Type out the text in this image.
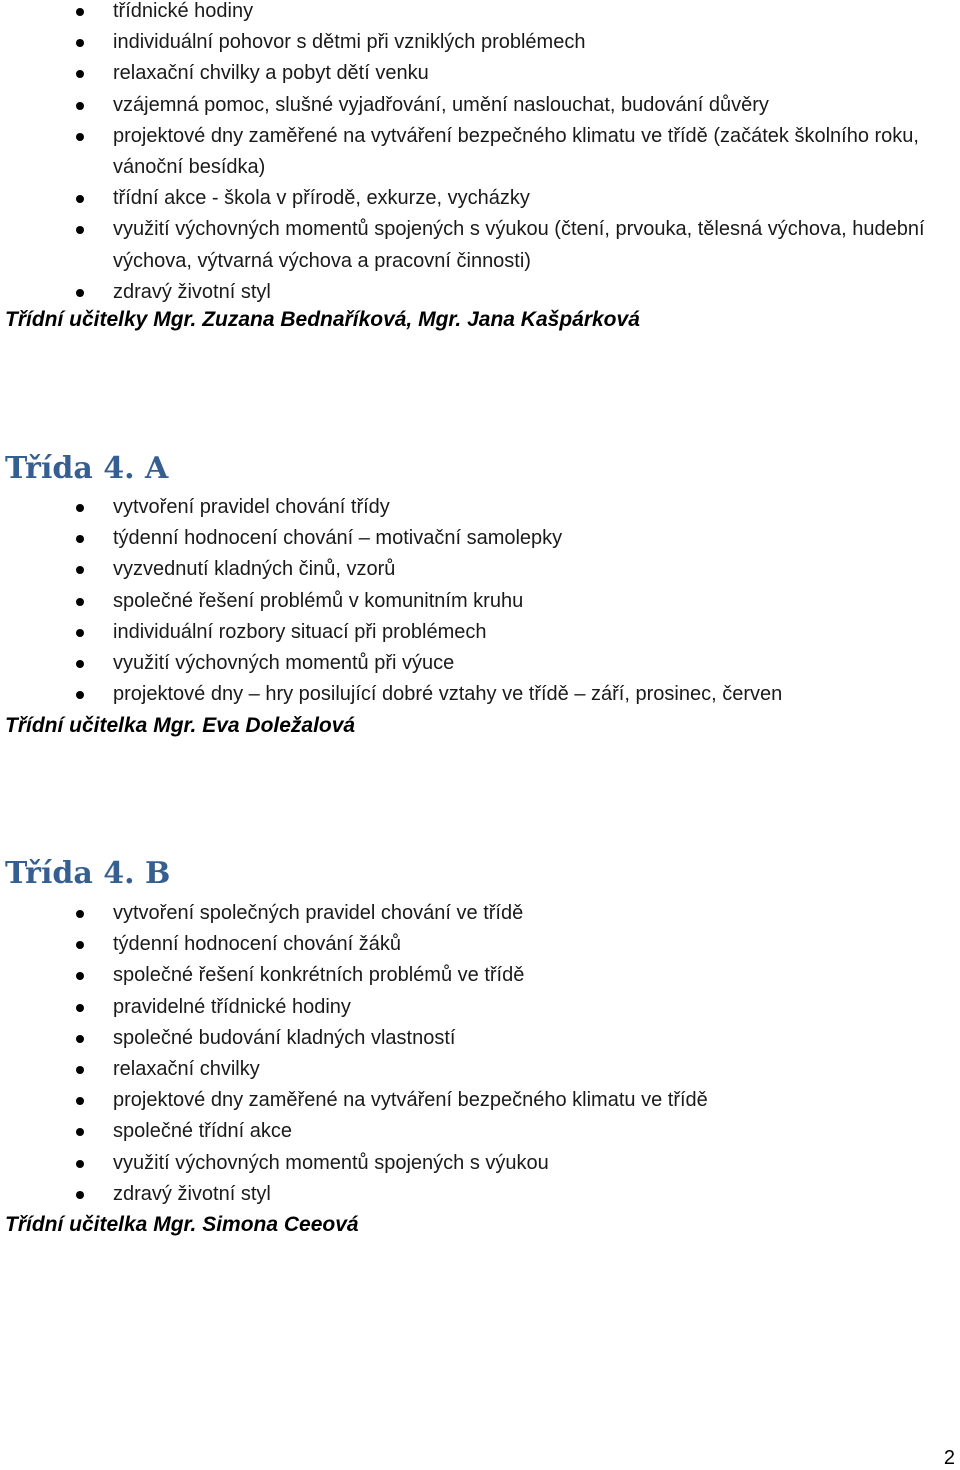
třídnické hodiny
individuální pohovor s dětmi při vzniklých problémech
relaxační chvilky a pobyt dětí venku
vzájemná pomoc, slušné vyjadřování, umění naslouchat, budování důvěry
projektové dny zaměřené na vytváření bezpečného klimatu ve třídě (začátek školního roku, vánoční besídka)
třídní akce - škola v přírodě, exkurze, vycházky
využití výchovných momentů spojených s výukou (čtení, prvouka, tělesná výchova, hudební výchova, výtvarná výchova a pracovní činnosti)
zdravý životní styl

Třídní učitelky Mgr. Zuzana Bednaříková, Mgr. Jana Kašpárková

Třída 4. A
vytvoření pravidel chování třídy
týdenní hodnocení chování – motivační samolepky
vyzvednutí kladných činů, vzorů
společné řešení problémů v komunitním kruhu
individuální rozbory situací při problémech
využití výchovných momentů při výuce
projektové dny – hry posilující dobré vztahy ve třídě – září, prosinec, červen

Třídní učitelka Mgr. Eva Doležalová

Třída 4. B
vytvoření společných pravidel chování ve třídě
týdenní hodnocení chování žáků
společné řešení konkrétních problémů ve třídě
pravidelné třídnické hodiny
společné budování kladných vlastností
relaxační chvilky
projektové dny zaměřené na vytváření bezpečného klimatu ve třídě
společné třídní akce
využití výchovných momentů spojených s výukou
zdravý životní styl

Třídní učitelka Mgr. Simona Ceeová

2
